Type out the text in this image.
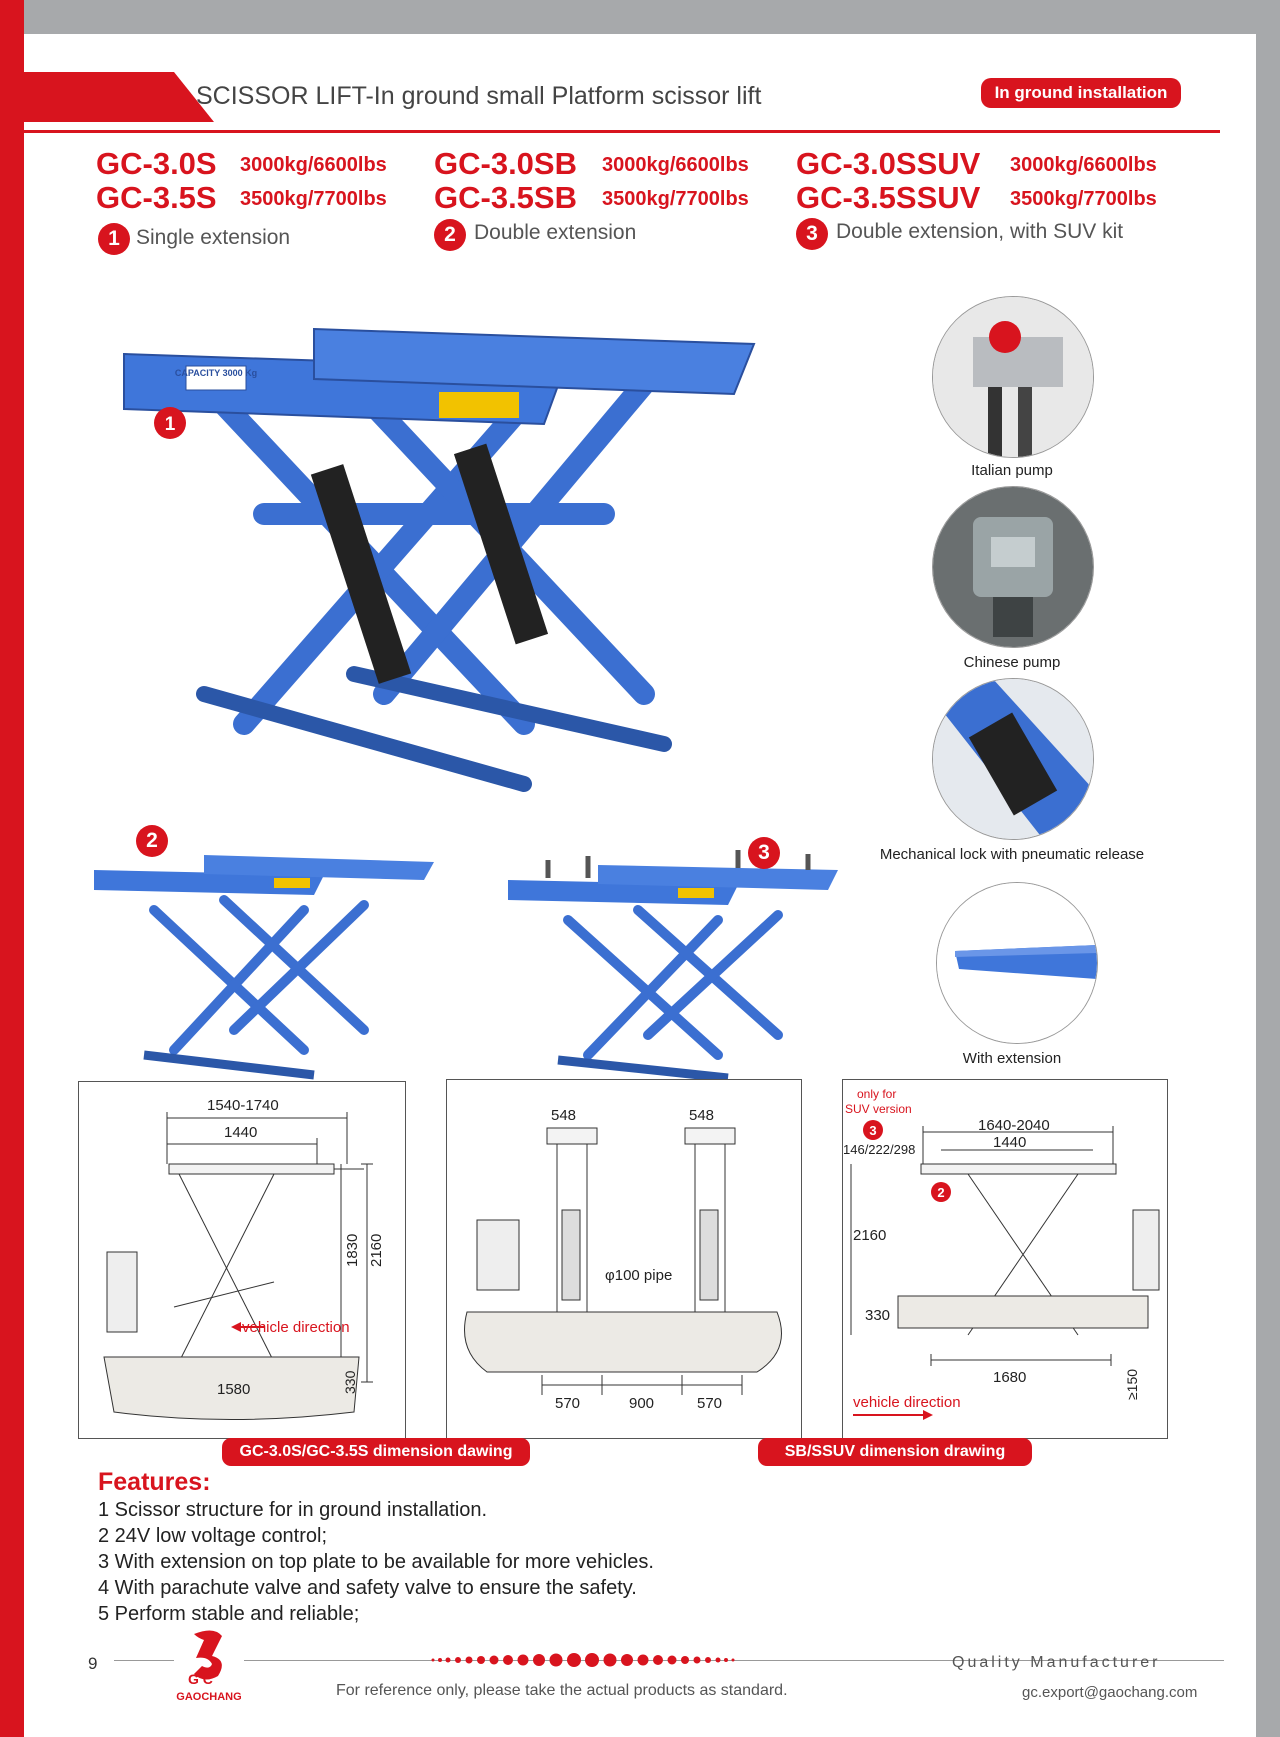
SCISSOR LIFT-In ground small Platform scissor lift	In ground installation
GC-3.0S 3000kg/6600lbs
GC-3.5S 3500kg/7700lbs
1 Single extension
GC-3.0SB 3000kg/6600lbs
GC-3.5SB 3500kg/7700lbs
2 Double extension
GC-3.0SSUV 3000kg/6600lbs
GC-3.5SSUV 3500kg/7700lbs
3 Double extension, with SUV kit
CAPACITY 3000 Kg
1
2
3
Italian pump
Chinese pump
Mechanical lock with pneumatic release
With extension
1540-1740
1440
1830 2160
vehicle direction
1580	330
548	548
φ100 pipe
570	900	570
only for
SUV version
3
2
1640-2040
1440
146/222/298
2160
330
1680	≥150
vehicle direction
GC-3.0S/GC-3.5S dimension dawing	SB/SSUV dimension drawing
Features:
1 Scissor structure for in ground installation.
2 24V low voltage control;
3 With extension on top plate to be available for more vehicles.
4 With parachute valve and safety valve to ensure the safety.
5 Perform stable and reliable;
9
G C
GAOCHANG	For reference only, please take the actual products as standard.
Quality Manufacturer
gc.export@gaochang.com
